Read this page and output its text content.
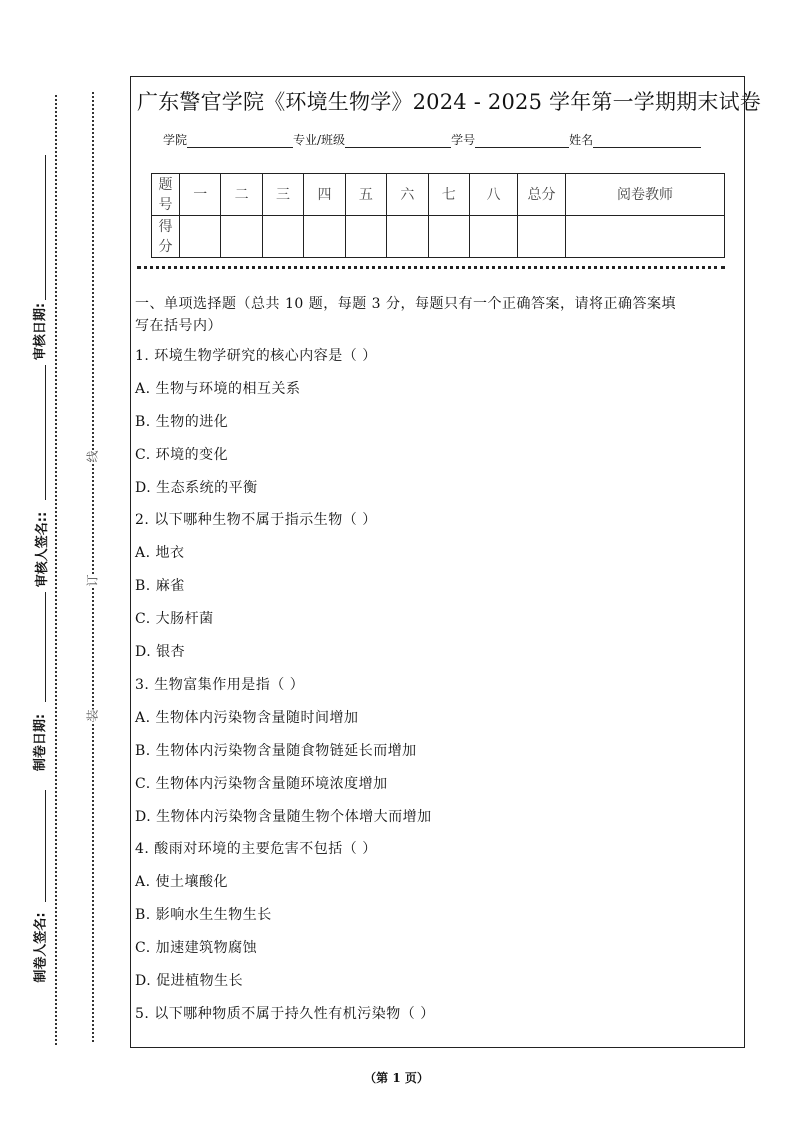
审核日期:
审核人签名::
制卷日期:
制卷人签名:
线
订
装
广东警官学院《环境生物学》2024 - 2025 学年第一学期期末试卷
学院	专业/班级	学号	姓名
题号	一	二	三	四	五	六	七	八	总分	阅卷教师
得分										
一、单项选择题（总共 10 题，每题 3 分，每题只有一个正确答案，请将正确答案填
写在括号内）
1. 环境生物学研究的核心内容是（ ）
A. 生物与环境的相互关系
B. 生物的进化
C. 环境的变化
D. 生态系统的平衡
2. 以下哪种生物不属于指示生物（ ）
A. 地衣
B. 麻雀
C. 大肠杆菌
D. 银杏
3. 生物富集作用是指（ ）
A. 生物体内污染物含量随时间增加
B. 生物体内污染物含量随食物链延长而增加
C. 生物体内污染物含量随环境浓度增加
D. 生物体内污染物含量随生物个体增大而增加
4. 酸雨对环境的主要危害不包括（ ）
A. 使土壤酸化
B. 影响水生生物生长
C. 加速建筑物腐蚀
D. 促进植物生长
5. 以下哪种物质不属于持久性有机污染物（ ）
（第 1 页）
